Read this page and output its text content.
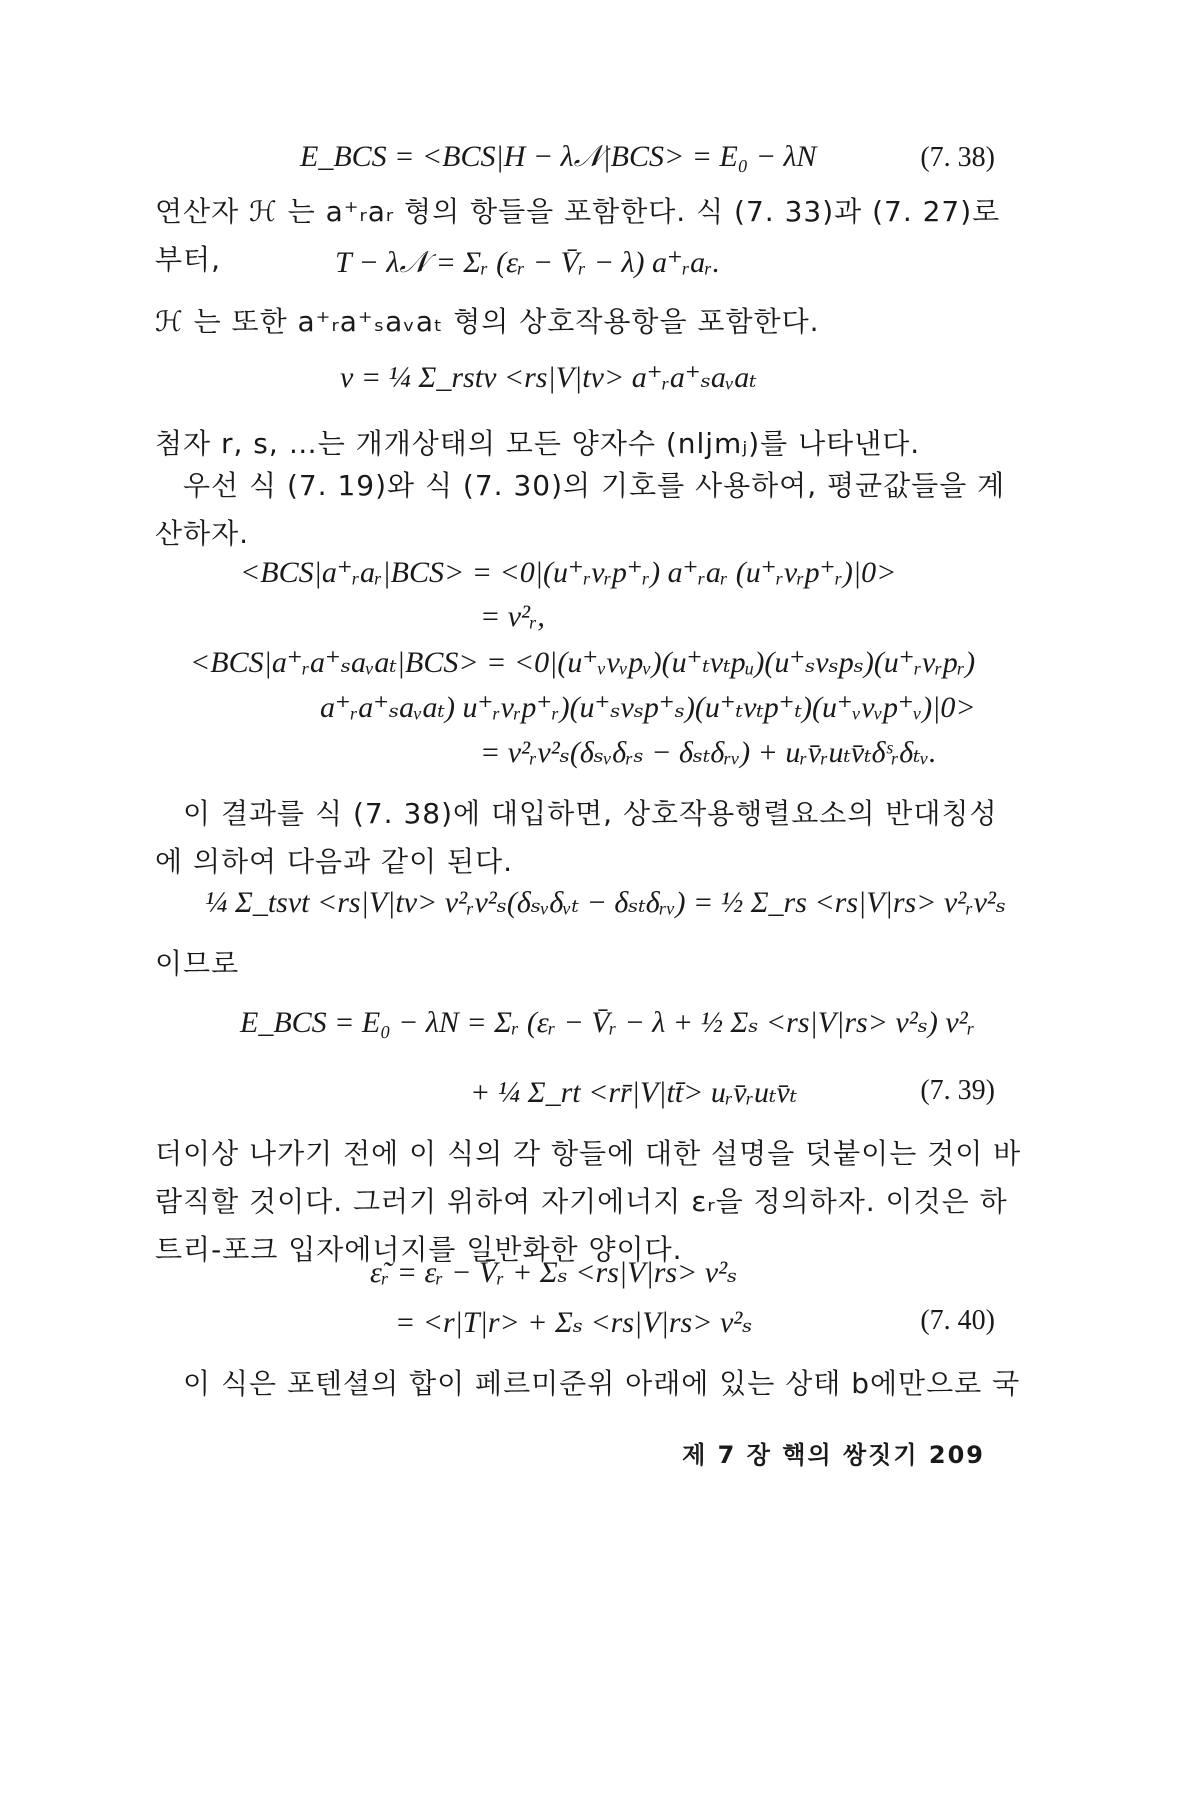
E_BCS = <BCS|H − λ𝒩|BCS> = E₀ − λN	(7. 38)
연산자 ℋ 는 a⁺ᵣaᵣ 형의 항들을 포함한다. 식 (7. 33)과 (7. 27)로부터,	T − λ𝒩 = Σᵣ (εᵣ − V̄ᵣ − λ) a⁺ᵣaᵣ.
ℋ 는 또한 a⁺ᵣa⁺ₛaᵥaₜ 형의 상호작용항을 포함한다.
v = ¼ Σ_rstv <rs|V|tv> a⁺ᵣa⁺ₛaᵥaₜ
첨자 r, s, …는 개개상태의 모든 양자수 (nljmⱼ)를 나타낸다.
우선 식 (7. 19)와 식 (7. 30)의 기호를 사용하여, 평균값들을 계산하자.
<BCS|a⁺ᵣaᵣ|BCS> = <0|(u⁺ᵣvᵣp⁺ᵣ) a⁺ᵣaᵣ (u⁺ᵣvᵣp⁺ᵣ)|0>
= v²ᵣ,
<BCS|a⁺ᵣa⁺ₛaᵥaₜ|BCS> = <0|(u⁺ᵥvᵥpᵥ)(u⁺ₜvₜpᵤ)(u⁺ₛvₛpₛ)(u⁺ᵣvᵣpᵣ)
a⁺ᵣa⁺ₛaᵥaₜ) u⁺ᵣvᵣp⁺ᵣ)(u⁺ₛvₛp⁺ₛ)(u⁺ₜvₜp⁺ₜ)(u⁺ᵥvᵥp⁺ᵥ)|0>
= v²ᵣv²ₛ(δₛᵥδᵣₛ − δₛₜδᵣᵥ) + uᵣv̄ᵣuₜv̄ₜδˢᵣδₜᵥ.
이 결과를 식 (7. 38)에 대입하면, 상호작용행렬요소의 반대칭성에 의하여 다음과 같이 된다.
¼ Σ_tsvt <rs|V|tv> v²ᵣv²ₛ(δₛᵥδᵥₜ − δₛₜδᵣᵥ) = ½ Σ_rs <rs|V|rs> v²ᵣv²ₛ
이므로
E_BCS = E₀ − λN = Σᵣ (εᵣ − V̄ᵣ − λ + ½ Σₛ <rs|V|rs> v²ₛ) v²ᵣ
+ ¼ Σ_rt <rr̄|V|tt̄> uᵣv̄ᵣuₜv̄ₜ	(7. 39)
더이상 나가기 전에 이 식의 각 항들에 대한 설명을 덧붙이는 것이 바람직할 것이다. 그러기 위하여 자기에너지 εᵣ을 정의하자. 이것은 하트리-포크 입자에너지를 일반화한 양이다.
ε̃ᵣ = εᵣ − V̄ᵣ + Σₛ <rs|V|rs> v²ₛ
= <r|T|r> + Σₛ <rs|V|rs> v²ₛ	(7. 40)
이 식은 포텐셜의 합이 페르미준위 아래에 있는 상태 b에만으로 국
제 7 장 핵의 쌍짓기 209
